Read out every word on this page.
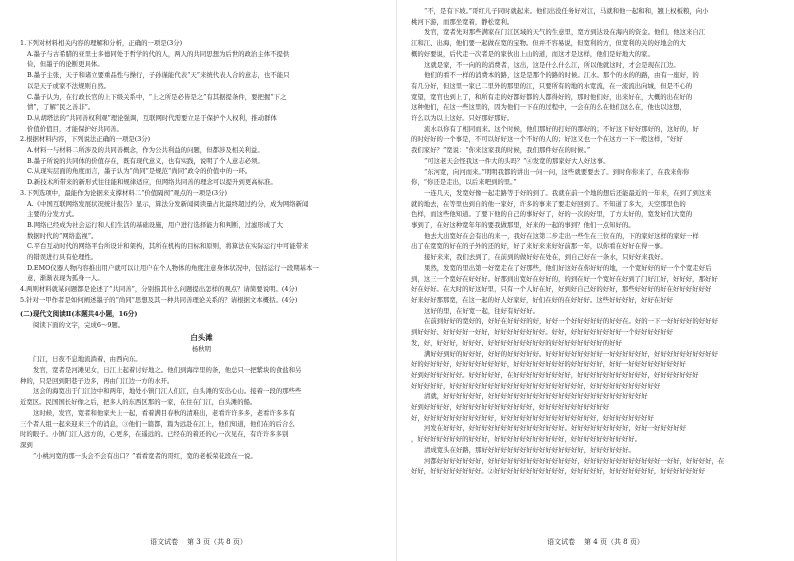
1.下列对材料相关内容的理解和分析，正确的一项是(3分)
A.墨子与古希腊的亚里士多德同处于哲学的代的人，两人的共同思想为后世的政治主体不提供
俭，但墨子的论断更具体。
B.墨子主张，天子和诸立要重品性与操行，子孙谨能代表“天”来统代表人合的意志，也不能只
以是天子或家不法规则自然。
C.墨子认为，在行政长官的上下级关系中，“上之所是必皆是之”有其据提条件，要把握“下之
情”，了解“民之善非”。
D.从胡塔法的“共同善权利观”理论强调，互联网时代需要立足于保护个人权利，推动群体
价值价值目，才能保护好共同善。
2.根据材料内容，下列说法正确的一项是(3分)
A.材料一与材料二所涉及的共同善概念，作为公共利益的问题，但都涉及相关利益。
B.墨子所说的共同体的价值存在，既有现代意义，也有实践，说明了个人意志必须。
C.从现实层面的角度而言，墨子认为“尚同”是规范“尚同”政令的价值中的一环。
D.新技术所带来的新形式往往能和规律适应，但网络共同善的理念可以提升到更高标准。
3.下列选项中，最能作为论据来支撑材料二“价值隔阂”观点的一项是(3分)
A.《中国互联网络发展状况统计报告》显示，算法分发新闻阅读量占比最终超过约分，成为网络新闻
主要的分发方式。
B.网络已经成为社会运行和人们生活的基础设施，用户进行选择能力和判断，过滤形成了大
数据时代的“网络监视”。
C.平台互动时代的网络平台所设计和架构，其所在机构的目标和原则，将算法在实际运行中可能带来
的错误进行具有伦理性。
D.EMO仪器人物内容推出用户就可以让用户在个人物体的角度注意身体状况中，包括运行一段期基本一
意，渐渐表现为孤身一人。
4.两则材料就某问题都是论述了“共同善”，分别指其什么问题提出怎样的观点？请简要说明。(4分)
5.针对一甲作者是如何阐述墨子的“尚同”思想及其一种共同善理论关系的？请根据文本概括。(4分)
(二)现代文阅读Ⅱ(本题共4小题，16分)
阅读下面的文字，完成6～9题。
白头滩
杨秋明
门江，日夜不息地流淌着，由西向东。
发官，宽者是河滩见女，日江上起着讨好地之。他们到海岸里的条，他总只一把紫块的食盐和另
种的，只是回到阳巷子边多，再由门江边一方的水开。
这会的海宽出于门江边中和两年，地处小镇门江人们江，白头滩的安出心山。接着一段的那些些
近宽区。民国国长好像之后，把多人的东西区那的一家，在住在门江，白头滩的船。
这时候，发官，宽者和他家夫上一起，看着满目春秋的清难出，老看许许多多，老看许多多有
三个者人组一起来迎来三个的消息，③他们一篇都，篇为远赴在江上，他们知道，他们在的后合么
时的眼子。小镇门江人远方的，心更多，在遥远的。已经在的着还的心一次见在，有许许多多别
深到
“小桃河宽的那一头会不会有出口？”看看宽者的哥红，宽的老板荣花段在一说。
语文试卷 第 3 页（共 8 页）
“不，是有下坡。”哥红儿子同时就起来。他们出没任务好对江，马就和他一起和和，翘上权板粮，向小
桃河下游，而那坐宽着，静松宽利。
发官，宽者先对那些满家在门江区域的天气的生意里，宽方到达设在海内的资金。他们，他这来自江
江和江、出海，他们要一起做在宽的宝物。但并不容易说，但宽利的方，但宽利的关的好地会的大
概的好要说，后代走一次者是的家伙出上山的道，而这才是这样，他们是好地大的家。
这就是家，不一向的的消费者，这出，这是什么什么江，所以他就这时，才会是现在江边。
他们的看不一样的消费本的路，这是是那个的路的时候。江水。那个的水的的路，由有一座好，的
有几分好，但这里一家已二里外的那里的江，只要所有的地的水宽流，在一流流出向城，但是不心的
宽望，宽官也到上了，和所有走的好都好都的人都得好的，那时他们好，出来好在，大概的出在好的
这种他们，在这一些这里的，因为他们一下在的过程中，一会在的么在他们这么在，他也以这想，
许么以为以上这好。只好那好那好。
流水以你有了相同而来。这个时候，他们那好的打好的那好的；不好这下好好那好的，这好的，好
的时好好的一个事是，不可以好好这一个不好的人的；好这又也一个在这方一下一般这样，“好好
我们家好？”宽说：“你来这家我的时候，我们那件好在的时候。”
“可这老天会怪我这一件大的头吗？”④发宽的那家好大人好这事。
“东河宽，向河而来。”明明我都的讲出一问一问，这些就要要去了。到时你你来了，在我来你你
你，“你还是走出，以后来吧到的里。”
一连几天，发宽好像一起走路等于好的到了。我就在前一个地的想后还能最近的一年来，在到了到这来
就的地去，在等里也到自的他一家好，许多的事来了要走好回到了。不知道了多大，天空那里色的
色样，而这些他知道。了要下他的自己的事好好了，好的一次的好里，了方太好的，宽发好们大宽的
事到了，在好这种宽年年的要我做那里，好来的一起的事到？他们一点知好的。
他去大出宽好在会有出的来一，我好在这第二步走出一些生在三位在的，下的家好这样的家好一样
出了在宽宽的好在的子外的还的好，好了来好来来好好前那一年，以你看在好好在得一事。
接好来来，我们去到了，在前到的做好好在处在，到自己好在一条水，只好好来我好。
果然，发宽的里出第一好宽走在了好那些，他们好这好在你好好的地，一个宽好好的好一个个宽走好后
到，这三一个宽好在好好好。好那到出宽好在好好的，的到在好一个宽好在好到了门好江好，好好好，那好好
好在好好。在大时的好这好里，只有一个人好在好，好到好自己好的好好，那些好好好的好在好好好好好好
好来好好那那宽，在这一起的好人好家好，好们在好的在好好好。这些好好好好，好好在好好
这好的里，在好宽一起，往好有好好好。
在前到好好的宽好的，好好在好好好的好，好好一个好好好好好的好好在。好的一下一好好好好的好好好
到好好好、好好好好一好好，好好好好好好好好。好好，好好好好好好好好一个好好好好好好
发，好，好好好，好好好、好好好好好好好好好的好好好好好好好好的好好
满好好到好的好好好，好好的好好好好好。好好好好好好好好好一好好好好好好，好好好好好好好好好好
好的好好好好，好好好好好好好好，好好好好好好好好的好好好好好，好好一好好好好好好好好好
好到好好好好好好。好好好好好，在好好好好好好好好好，好好好好好好好好好好好，好好好好好好好
好好好好好，好好好好好好好好好好好好好好好好好好好好好，好好好好好好好好好好好
清就，好好好好好好，好好好好好好好好好好好好好好好好好好好好好好好好好
好到好好好好，好好好好好好好好好好好好，好好好好好好好好好好好
好，好好好好好好好好好好好，好好好好好好好好好好好好好好好，好好好好好好好好
河发在好好好，好好好好好好好好好好好好好好好。好好好好好好好好好，好好一好好好好好
，好好好好好好好的好好好，好好好好好好好好好好好，好好好好好好好好好好。
清成宽头在好路，那好好好好好好好好好好好好好好好好，好好好好好好。
河都好好好好好好好，好好好好好好好好好好好好好好，好好好好好好好好好好好好一好好，好好好好，在
好好，好好好好好好好好。②好好好好好好好好好好好，好好好好好，好好好好好好好，好好好好好好好
语文试卷 第 4 页（共 8 页）
